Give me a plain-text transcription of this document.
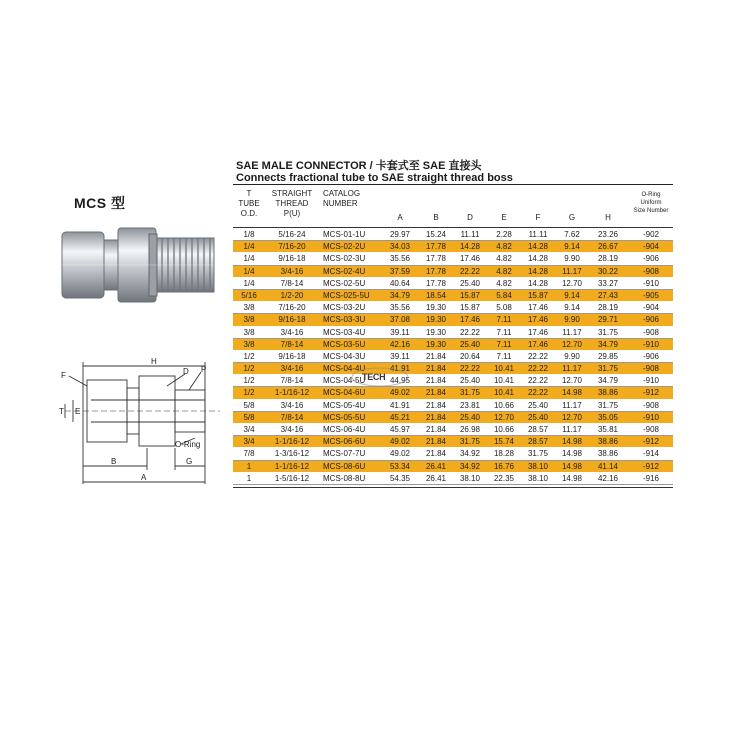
MCS 型
H
F	D P
T E
O-Ring
B	G
A
SAE MALE CONNECTOR / 卡套式至 SAE 直接头
Connects fractional tube to SAE straight thread boss
T
TUBE
O.D.
STRAIGHT
THREAD
P(U)
CATALOG
NUMBER
A	B	D	E	F	G	H
O-Ring
Uniform
Size Number
1/8	5/16-24	MCS-01-1U	29.97	15.24	11.11	2.28	11.11	7.62	23.26	-902
1/4	7/16-20	MCS-02-2U	34.03	17.78	14.28	4.82	14.28	9.14	26.67	-904
1/4	9/16-18	MCS-02-3U	35.56	17.78	17.46	4.82	14.28	9.90	28.19	-906
1/4	3/4-16	MCS-02-4U	37.59	17.78	22.22	4.82	14.28	11.17	30.22	-908
1/4	7/8-14	MCS-02-5U	40.64	17.78	25.40	4.82	14.28	12.70	33.27	-910
5/16	1/2-20	MCS-025-5U	34.79	18.54	15.87	5.84	15.87	9.14	27.43	-905
3/8	7/16-20	MCS-03-2U	35.56	19.30	15.87	5.08	17.46	9.14	28.19	-904
3/8	9/16-18	MCS-03-3U	37.08	19.30	17.46	7.11	17.46	9.90	29.71	-906
3/8	3/4-16	MCS-03-4U	39.11	19.30	22.22	7.11	17.46	11.17	31.75	-908
3/8	7/8-14	MCS-03-5U	42.16	19.30	25.40	7.11	17.46	12.70	34.79	-910
1/2	9/16-18	MCS-04-3U	39.11	21.84	20.64	7.11	22.22	9.90	29.85	-906
1/2	3/4-16	MCS-04-4U	41.91	21.84	22.22	10.41	22.22	11.17	31.75	-908
1/2	7/8-14	MCS-04-5U	44.95	21.84	25.40	10.41	22.22	12.70	34.79	-910
1/2	1-1/16-12	MCS-04-6U	49.02	21.84	31.75	10.41	22.22	14.98	38.86	-912
5/8	3/4-16	MCS-05-4U	41.91	21.84	23.81	10.66	25.40	11.17	31.75	-908
5/8	7/8-14	MCS-05-5U	45.21	21.84	25.40	12.70	25.40	12.70	35.05	-910
3/4	3/4-16	MCS-06-4U	45.97	21.84	26.98	10.66	28.57	11.17	35.81	-908
3/4	1-1/16-12	MCS-06-6U	49.02	21.84	31.75	15.74	28.57	14.98	38.86	-912
7/8	1-3/16-12	MCS-07-7U	49.02	21.84	34.92	18.28	31.75	14.98	38.86	-914
1	1-1/16-12	MCS-08-6U	53.34	26.41	34.92	16.76	38.10	14.98	41.14	-912
1	1-5/16-12	MCS-08-8U	54.35	26.41	38.10	22.35	38.10	14.98	42.16	-916
TECH
